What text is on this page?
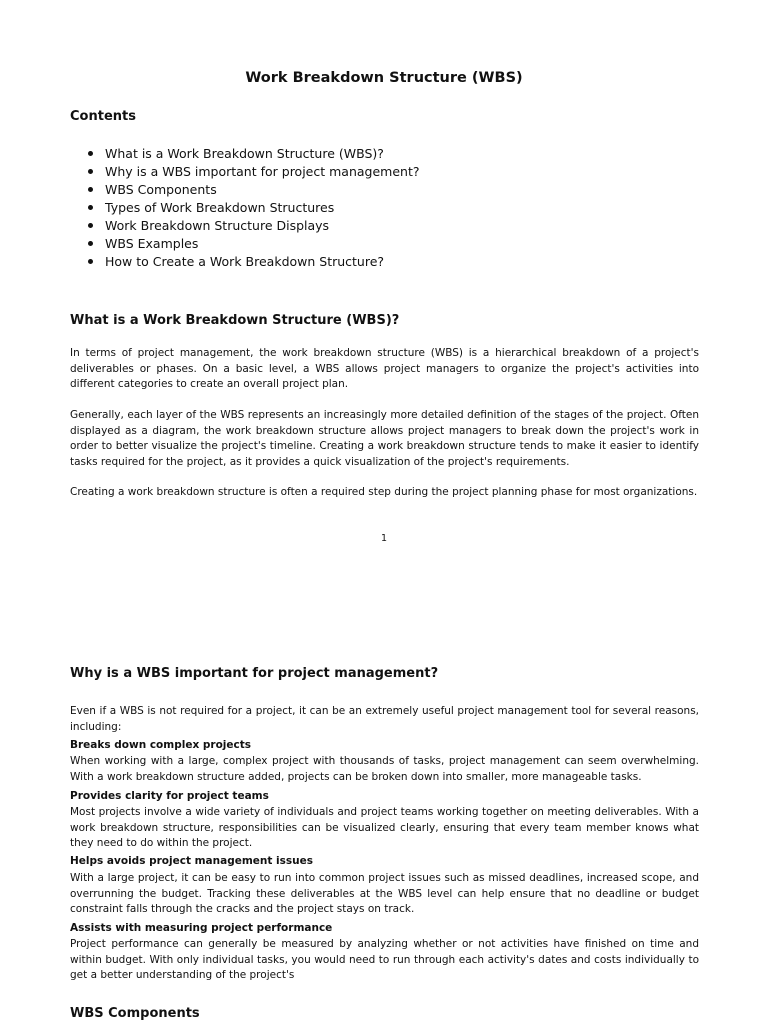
Work Breakdown Structure (WBS)
Contents
What is a Work Breakdown Structure (WBS)?
Why is a WBS important for project management?
WBS Components
Types of Work Breakdown Structures
Work Breakdown Structure Displays
WBS Examples
How to Create a Work Breakdown Structure?
What is a Work Breakdown Structure (WBS)?

In terms of project management, the work breakdown structure (WBS) is a hierarchical breakdown of a project's deliverables or phases. On a basic level, a WBS allows project managers to organize the project's activities into different categories to create an overall project plan.

Generally, each layer of the WBS represents an increasingly more detailed definition of the stages of the project. Often displayed as a diagram, the work breakdown structure allows project managers to break down the project's work in order to better visualize the project's timeline. Creating a work breakdown structure tends to make it easier to identify tasks required for the project, as it provides a quick visualization of the project's requirements.

Creating a work breakdown structure is often a required step during the project planning phase for most organizations.

1

Why is a WBS important for project management?

Even if a WBS is not required for a project, it can be an extremely useful project management tool for several reasons, including:

Breaks down complex projects

When working with a large, complex project with thousands of tasks, project management can seem overwhelming. With a work breakdown structure added, projects can be broken down into smaller, more manageable tasks.

Provides clarity for project teams

Most projects involve a wide variety of individuals and project teams working together on meeting deliverables. With a work breakdown structure, responsibilities can be visualized clearly, ensuring that every team member knows what they need to do within the project.

Helps avoids project management issues

With a large project, it can be easy to run into common project issues such as missed deadlines, increased scope, and overrunning the budget. Tracking these deliverables at the WBS level can help ensure that no deadline or budget constraint falls through the cracks and the project stays on track.

Assists with measuring project performance

Project performance can generally be measured by analyzing whether or not activities have finished on time and within budget. With only individual tasks, you would need to run through each activity's dates and costs individually to get a better understanding of the project's

WBS Components
